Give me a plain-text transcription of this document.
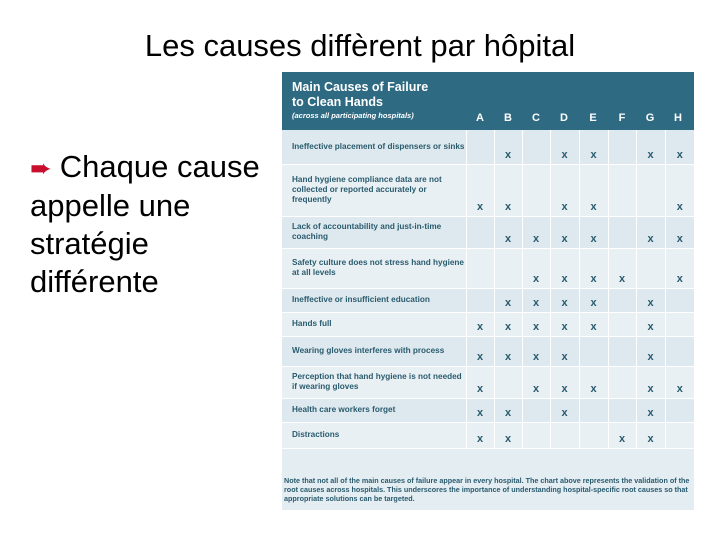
Les causes diffèrent par hôpital
➨ Chaque cause appelle une stratégie différente
Main Causes of Failure
to Clean Hands
(across all participating hospitals)	A	B	C	D	E	F	G	H
Ineffective placement of dispensers or sinks		x		x	x		x	x
Hand hygiene compliance data are not collected or reported accurately or frequently	x	x		x	x			x
Lack of accountability and just-in-time coaching		x	x	x	x		x	x
Safety culture does not stress hand hygiene at all levels			x	x	x	x		x
Ineffective or insufficient education		x	x	x	x		x	
Hands full	x	x	x	x	x		x	
Wearing gloves interferes with process	x	x	x	x			x	
Perception that hand hygiene is not needed if wearing gloves	x		x	x	x		x	x
Health care workers forget	x	x		x			x	
Distractions	x	x				x	x	
Note that not all of the main causes of failure appear in every hospital. The chart above represents the validation of the root causes across hospitals. This underscores the importance of understanding hospital-specific root causes so that appropriate solutions can be targeted.
